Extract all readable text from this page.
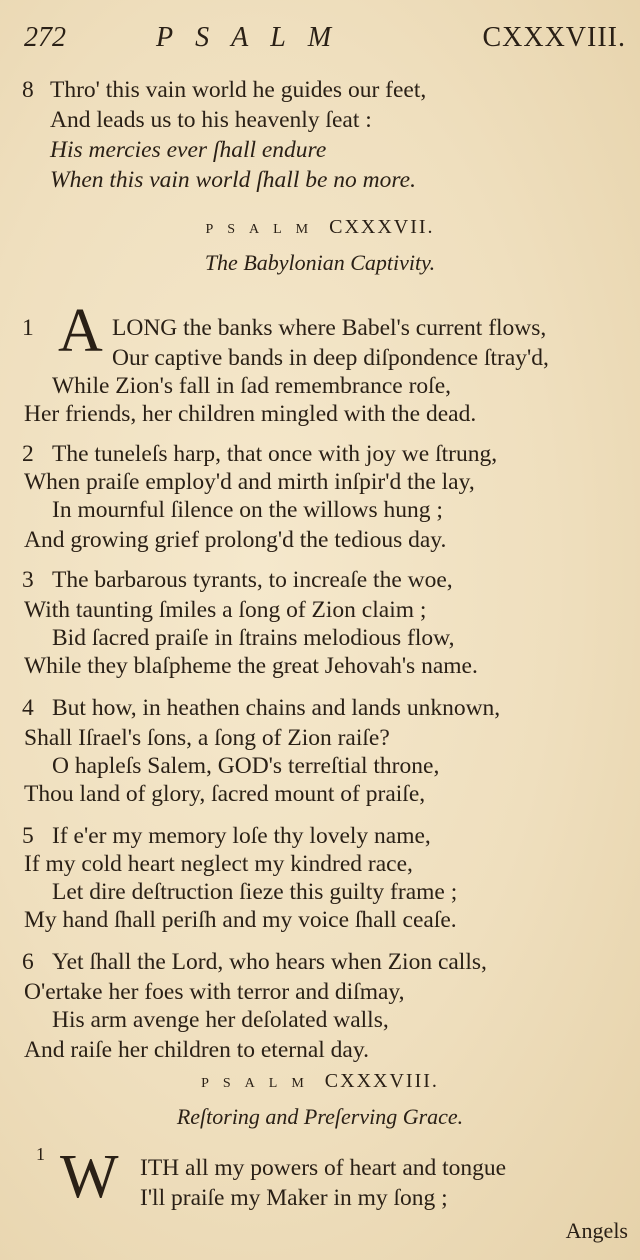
272	PSALM	CXXXVIII.
8 Thro' this vain world he guides our feet,
And leads us to his heavenly ſeat :
His mercies ever ſhall endure
When this vain world ſhall be no more.
PSALM CXXXVII.
The Babylonian Captivity.
1 A LONG the banks where Babel's current flows,
Our captive bands in deep diſpondence ſtray'd,
While Zion's fall in ſad remembrance roſe,
Her friends, her children mingled with the dead.
2 The tuneleſs harp, that once with joy we ſtrung,
When praiſe employ'd and mirth inſpir'd the lay,
In mournful ſilence on the willows hung ;
And growing grief prolong'd the tedious day.
3 The barbarous tyrants, to increaſe the woe,
With taunting ſmiles a ſong of Zion claim ;
Bid ſacred praiſe in ſtrains melodious flow,
While they blaſpheme the great Jehovah's name.
4 But how, in heathen chains and lands unknown,
Shall Iſrael's ſons, a ſong of Zion raiſe?
O hapleſs Salem, GOD's terreſtial throne,
Thou land of glory, ſacred mount of praiſe,
5 If e'er my memory loſe thy lovely name,
If my cold heart neglect my kindred race,
Let dire deſtruction ſieze this guilty frame ;
My hand ſhall periſh and my voice ſhall ceaſe.
6 Yet ſhall the Lord, who hears when Zion calls,
O'ertake her foes with terror and diſmay,
His arm avenge her deſolated walls,
And raiſe her children to eternal day.
PSALM CXXXVIII.
Reſtoring and Preſerving Grace.
1 W ITH all my powers of heart and tongue
I'll praiſe my Maker in my ſong ;
Angels
